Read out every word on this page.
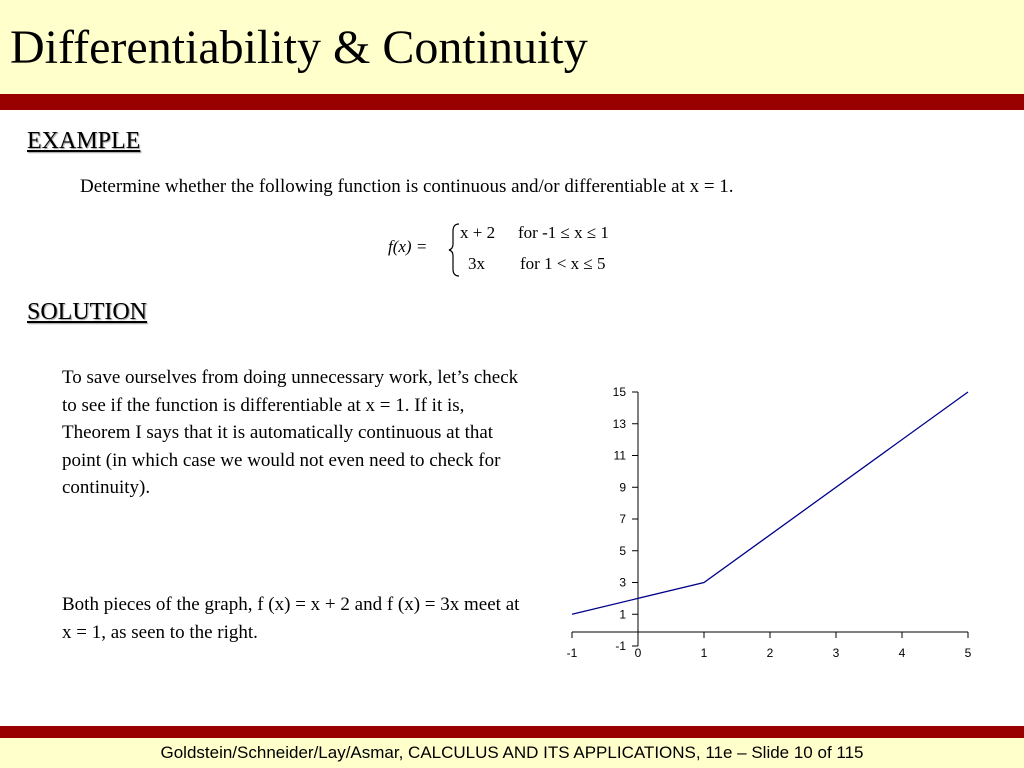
Differentiability & Continuity
EXAMPLE
Determine whether the following function is continuous and/or differentiable at x = 1.
f(x) =
x + 2 for -1 ≤ x ≤ 1
3x for 1 < x ≤ 5
SOLUTION
To save ourselves from doing unnecessary work, let’s check to see if the function is differentiable at x = 1. If it is, Theorem I says that it is automatically continuous at that point (in which case we would not even need to check for continuity).
Both pieces of the graph, f (x) = x + 2 and f (x) = 3x meet at x = 1, as seen to the right.
-1
1
3
5
7
9
11
13
15
-1	0	1	2	3	4	5
Goldstein/Schneider/Lay/Asmar, CALCULUS AND ITS APPLICATIONS, 11e – Slide 10 of 115
